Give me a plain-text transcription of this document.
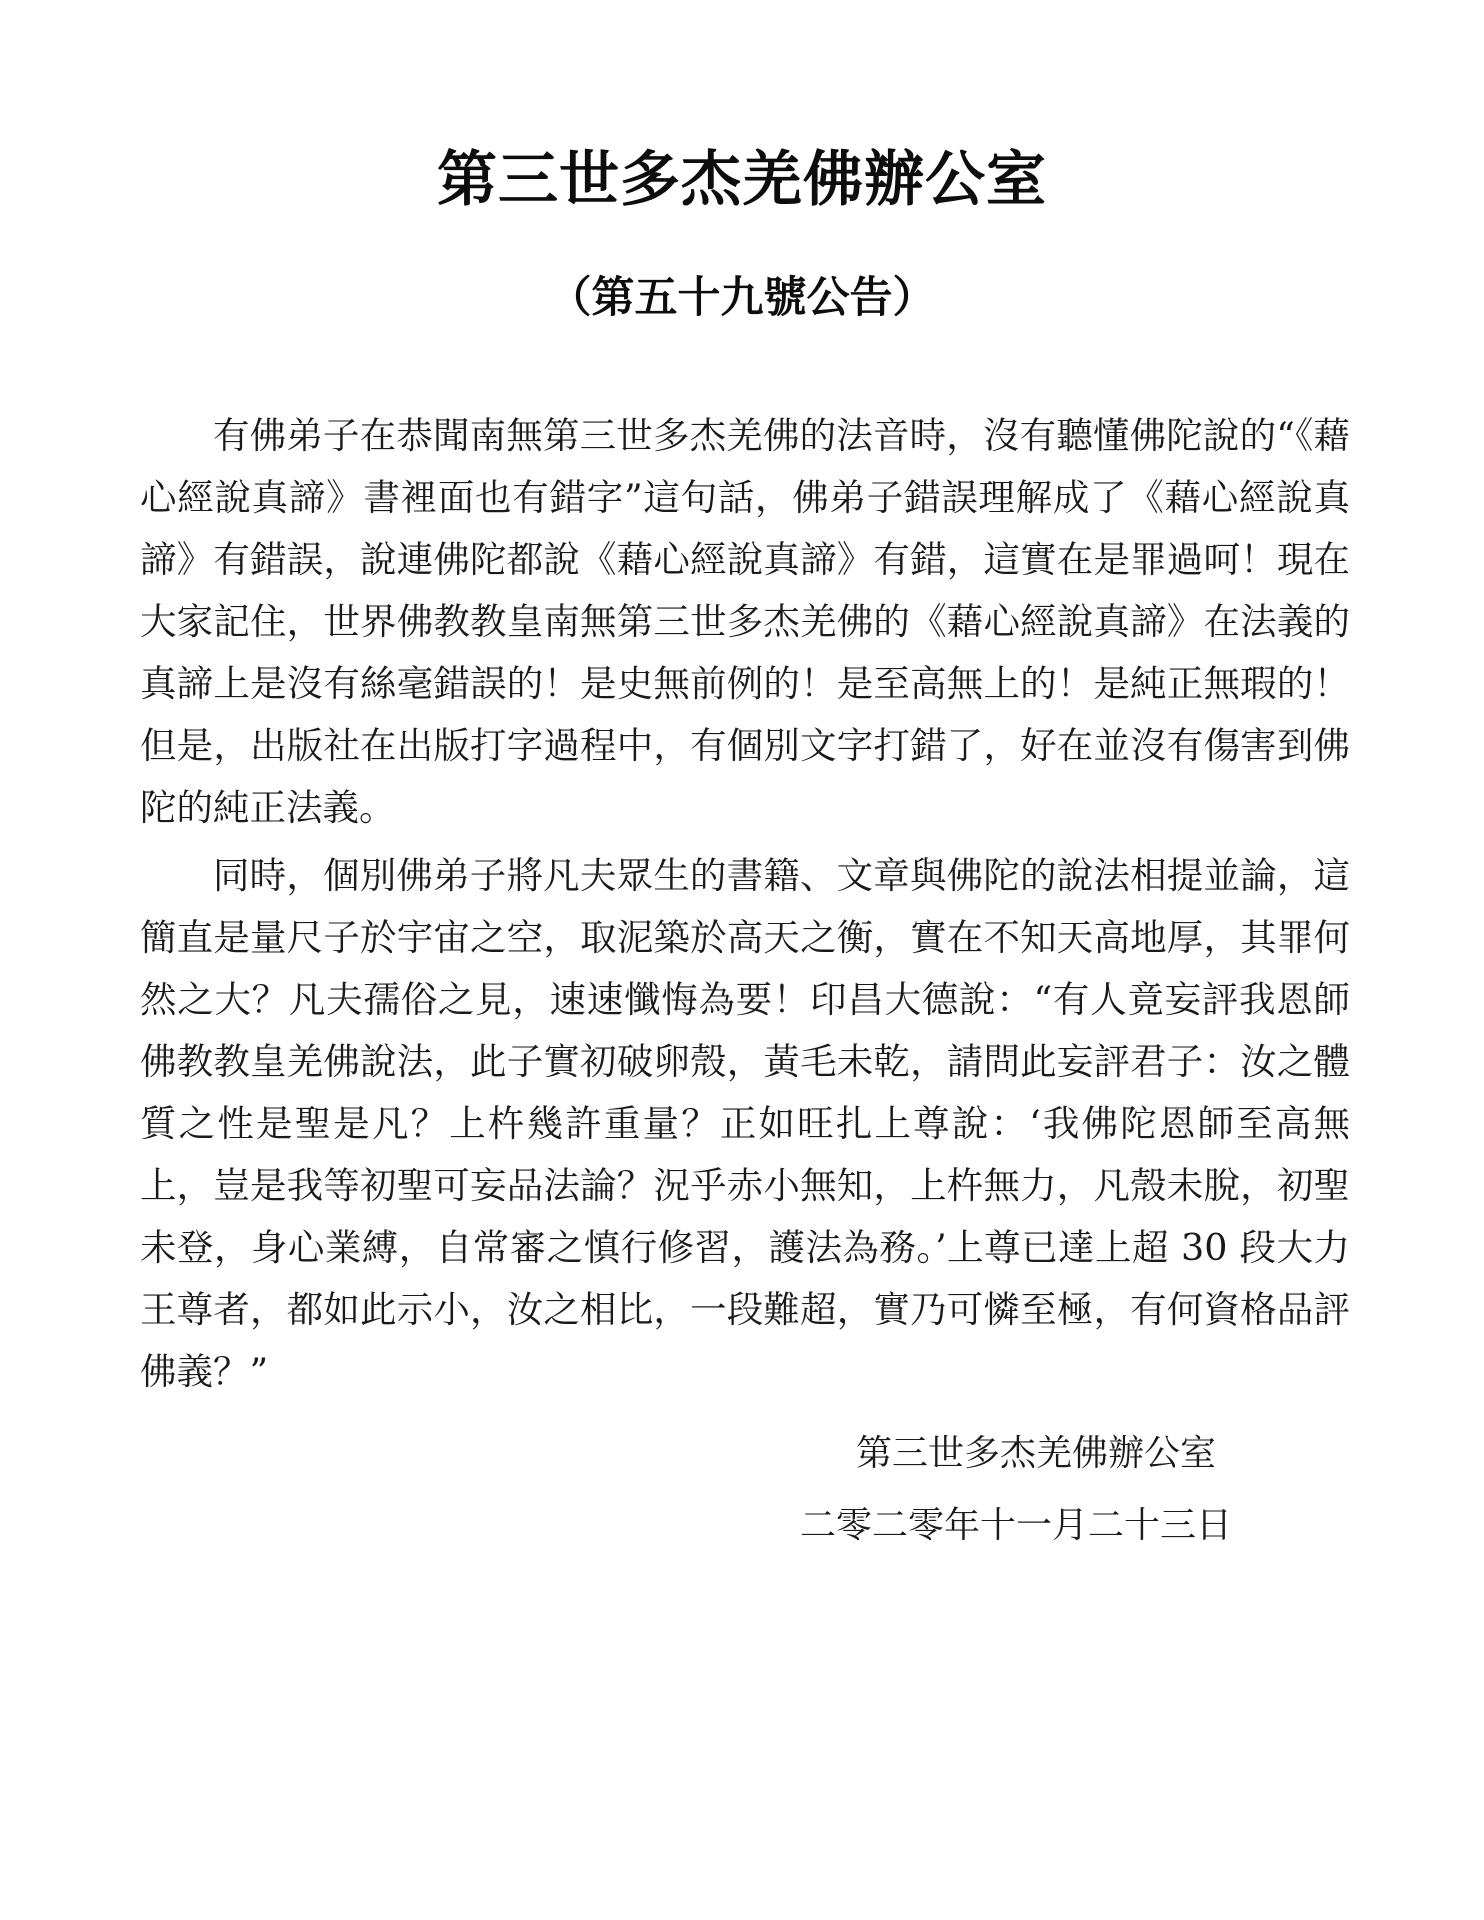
第三世多杰羌佛辦公室
（第五十九號公告）

有佛弟子在恭聞南無第三世多杰羌佛的法音時，沒有聽懂佛陀說的“《藉心經說真諦》書裡面也有錯字”這句話，佛弟子錯誤理解成了《藉心經說真諦》有錯誤，說連佛陀都說《藉心經說真諦》有錯，這實在是罪過呵！現在大家記住，世界佛教教皇南無第三世多杰羌佛的《藉心經說真諦》在法義的真諦上是沒有絲毫錯誤的！是史無前例的！是至高無上的！是純正無瑕的！但是，出版社在出版打字過程中，有個別文字打錯了，好在並沒有傷害到佛陀的純正法義。

同時，個別佛弟子將凡夫眾生的書籍、文章與佛陀的說法相提並論，這簡直是量尺子於宇宙之空，取泥築於高天之衡，實在不知天高地厚，其罪何然之大？凡夫孺俗之見，速速懺悔為要！印昌大德說：“有人竟妄評我恩師佛教教皇羌佛說法，此子實初破卵殼，黃毛未乾，請問此妄評君子：汝之體質之性是聖是凡？上杵幾許重量？正如旺扎上尊說：‘我佛陀恩師至高無上，豈是我等初聖可妄品法論？況乎赤小無知，上杵無力，凡殼未脫，初聖未登，身心業縛，自常審之慎行修習，護法為務。’上尊已達上超 30 段大力王尊者，都如此示小，汝之相比，一段難超，實乃可憐至極，有何資格品評佛義？”

第三世多杰羌佛辦公室
二零二零年十一月二十三日
